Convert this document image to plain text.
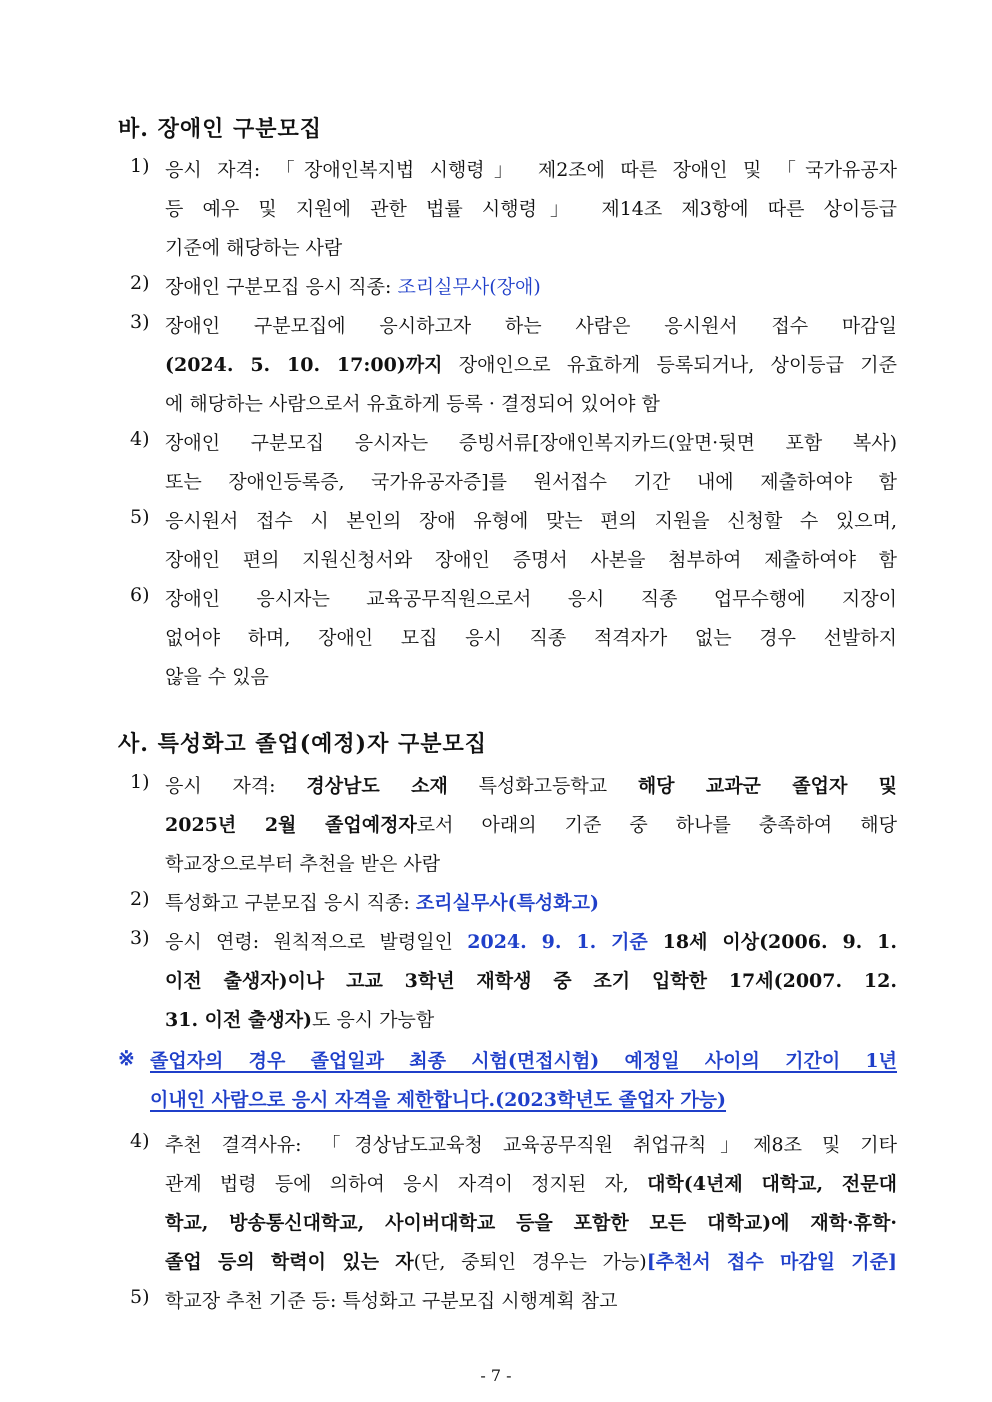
바. 장애인 구분모집
1) 응시 자격: 「장애인복지법 시행령」 제2조에 따른 장애인 및 「국가유공자
등 예우 및 지원에 관한 법률 시행령」 제14조 제3항에 따른 상이등급
기준에 해당하는 사람
2) 장애인 구분모집 응시 직종: 조리실무사(장애)
3) 장애인 구분모집에 응시하고자 하는 사람은 응시원서 접수 마감일
(2024. 5. 10. 17:00)까지 장애인으로 유효하게 등록되거나, 상이등급 기준
에 해당하는 사람으로서 유효하게 등록 · 결정되어 있어야 함
4) 장애인 구분모집 응시자는 증빙서류[장애인복지카드(앞면·뒷면 포함 복사)
또는 장애인등록증, 국가유공자증]를 원서접수 기간 내에 제출하여야 함
5) 응시원서 접수 시 본인의 장애 유형에 맞는 편의 지원을 신청할 수 있으며,
장애인 편의 지원신청서와 장애인 증명서 사본을 첨부하여 제출하여야 함
6) 장애인 응시자는 교육공무직원으로서 응시 직종 업무수행에 지장이
없어야 하며, 장애인 모집 응시 직종 적격자가 없는 경우 선발하지
않을 수 있음
사. 특성화고 졸업(예정)자 구분모집
1) 응시 자격: 경상남도 소재 특성화고등학교 해당 교과군 졸업자 및
2025년 2월 졸업예정자로서 아래의 기준 중 하나를 충족하여 해당
학교장으로부터 추천을 받은 사람
2) 특성화고 구분모집 응시 직종: 조리실무사(특성화고)
3) 응시 연령: 원칙적으로 발령일인 2024. 9. 1. 기준 18세 이상(2006. 9. 1.
이전 출생자)이나 고교 3학년 재학생 중 조기 입학한 17세(2007. 12.
31. 이전 출생자)도 응시 가능함
※ 졸업자의 경우 졸업일과 최종 시험(면접시험) 예정일 사이의 기간이 1년
이내인 사람으로 응시 자격을 제한합니다.(2023학년도 졸업자 가능)
4) 추천 결격사유: 「경상남도교육청 교육공무직원 취업규칙」제8조 및 기타
관계 법령 등에 의하여 응시 자격이 정지된 자, 대학(4년제 대학교, 전문대
학교, 방송통신대학교, 사이버대학교 등을 포함한 모든 대학교)에 재학·휴학·
졸업 등의 학력이 있는 자(단, 중퇴인 경우는 가능)[추천서 접수 마감일 기준]
5) 학교장 추천 기준 등: 특성화고 구분모집 시행계획 참고
- 7 -
